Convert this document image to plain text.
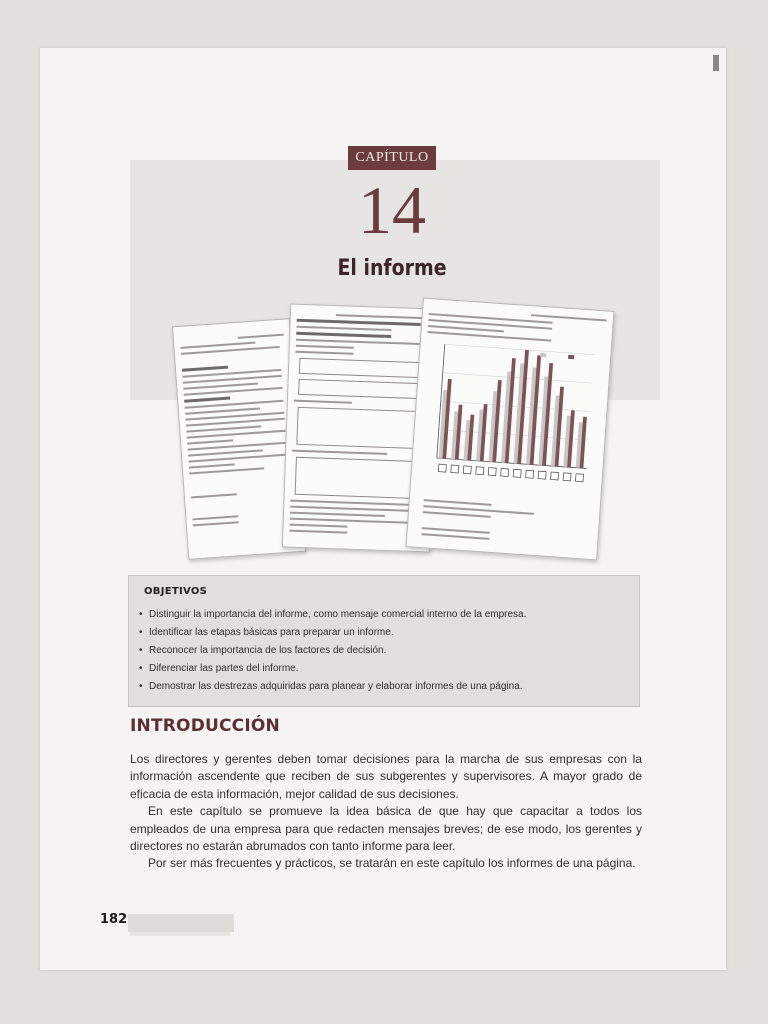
CAPÍTULO
14
El informe
OBJETIVOS
• Distinguir la importancia del informe, como mensaje comercial interno de la empresa.
• Identificar las etapas básicas para preparar un informe.
• Reconocer la importancia de los factores de decisión.
• Diferenciar las partes del informe.
• Demostrar las destrezas adquiridas para planear y elaborar informes de una página.
INTRODUCCIÓN

Los directores y gerentes deben tomar decisiones para la marcha de sus empresas con la información ascendente que reciben de sus subgerentes y supervisores. A mayor grado de eficacia de esta información, mejor calidad de sus decisiones.

En este capítulo se promueve la idea básica de que hay que capacitar a todos los empleados de una empresa para que redacten mensajes breves; de ese modo, los gerentes y directores no estarán abrumados con tanto informe para leer.

Por ser más frecuentes y prácticos, se tratarán en este capítulo los informes de una página.

182
